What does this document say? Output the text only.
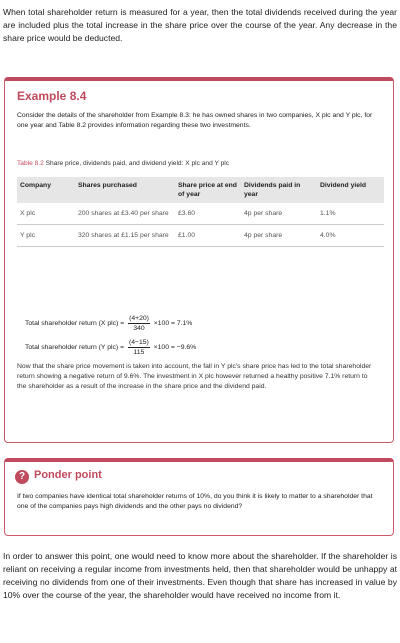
When total shareholder return is measured for a year, then the total dividends received during the year are included plus the total increase in the share price over the course of the year. Any decrease in the share price would be deducted.

Example 8.4
Consider the details of the shareholder from Example 8.3: he has owned shares in two companies, X plc and Y plc, for one year and Table 8.2 provides information regarding these two investments.
Table 8.2 Share price, dividends paid, and dividend yield: X plc and Y plc
Company	Shares purchased	Share price at end of year	Dividends paid in year	Dividend yield
X plc	200 shares at £3.40 per share	£3.60	4p per share	1.1%
Y plc	320 shares at £1.15 per share	£1.00	4p per share	4.0%
Total shareholder return (X $plc) = \frac{(4+20)}{340} \times 100 = 7.1\%$
Total shareholder return (Y $plc) = \frac{(4-15)}{115} \times 100 = -9.6\%$
Now that the share price movement is taken into account, the fall in Y plc's share price has led to the total shareholder return showing a negative return of 9.6%. The investment in X plc however returned a healthy positive 7.1% return to the shareholder as a result of the increase in the share price and the dividend paid.
? Ponder point
If two companies have identical total shareholder returns of 10%, do you think it is likely to matter to a shareholder that one of the companies pays high dividends and the other pays no dividend?

In order to answer this point, one would need to know more about the shareholder. If the shareholder is reliant on receiving a regular income from investments held, then that shareholder would be unhappy at receiving no dividends from one of their investments. Even though that share has increased in value by 10% over the course of the year, the shareholder would have received no income from it.
